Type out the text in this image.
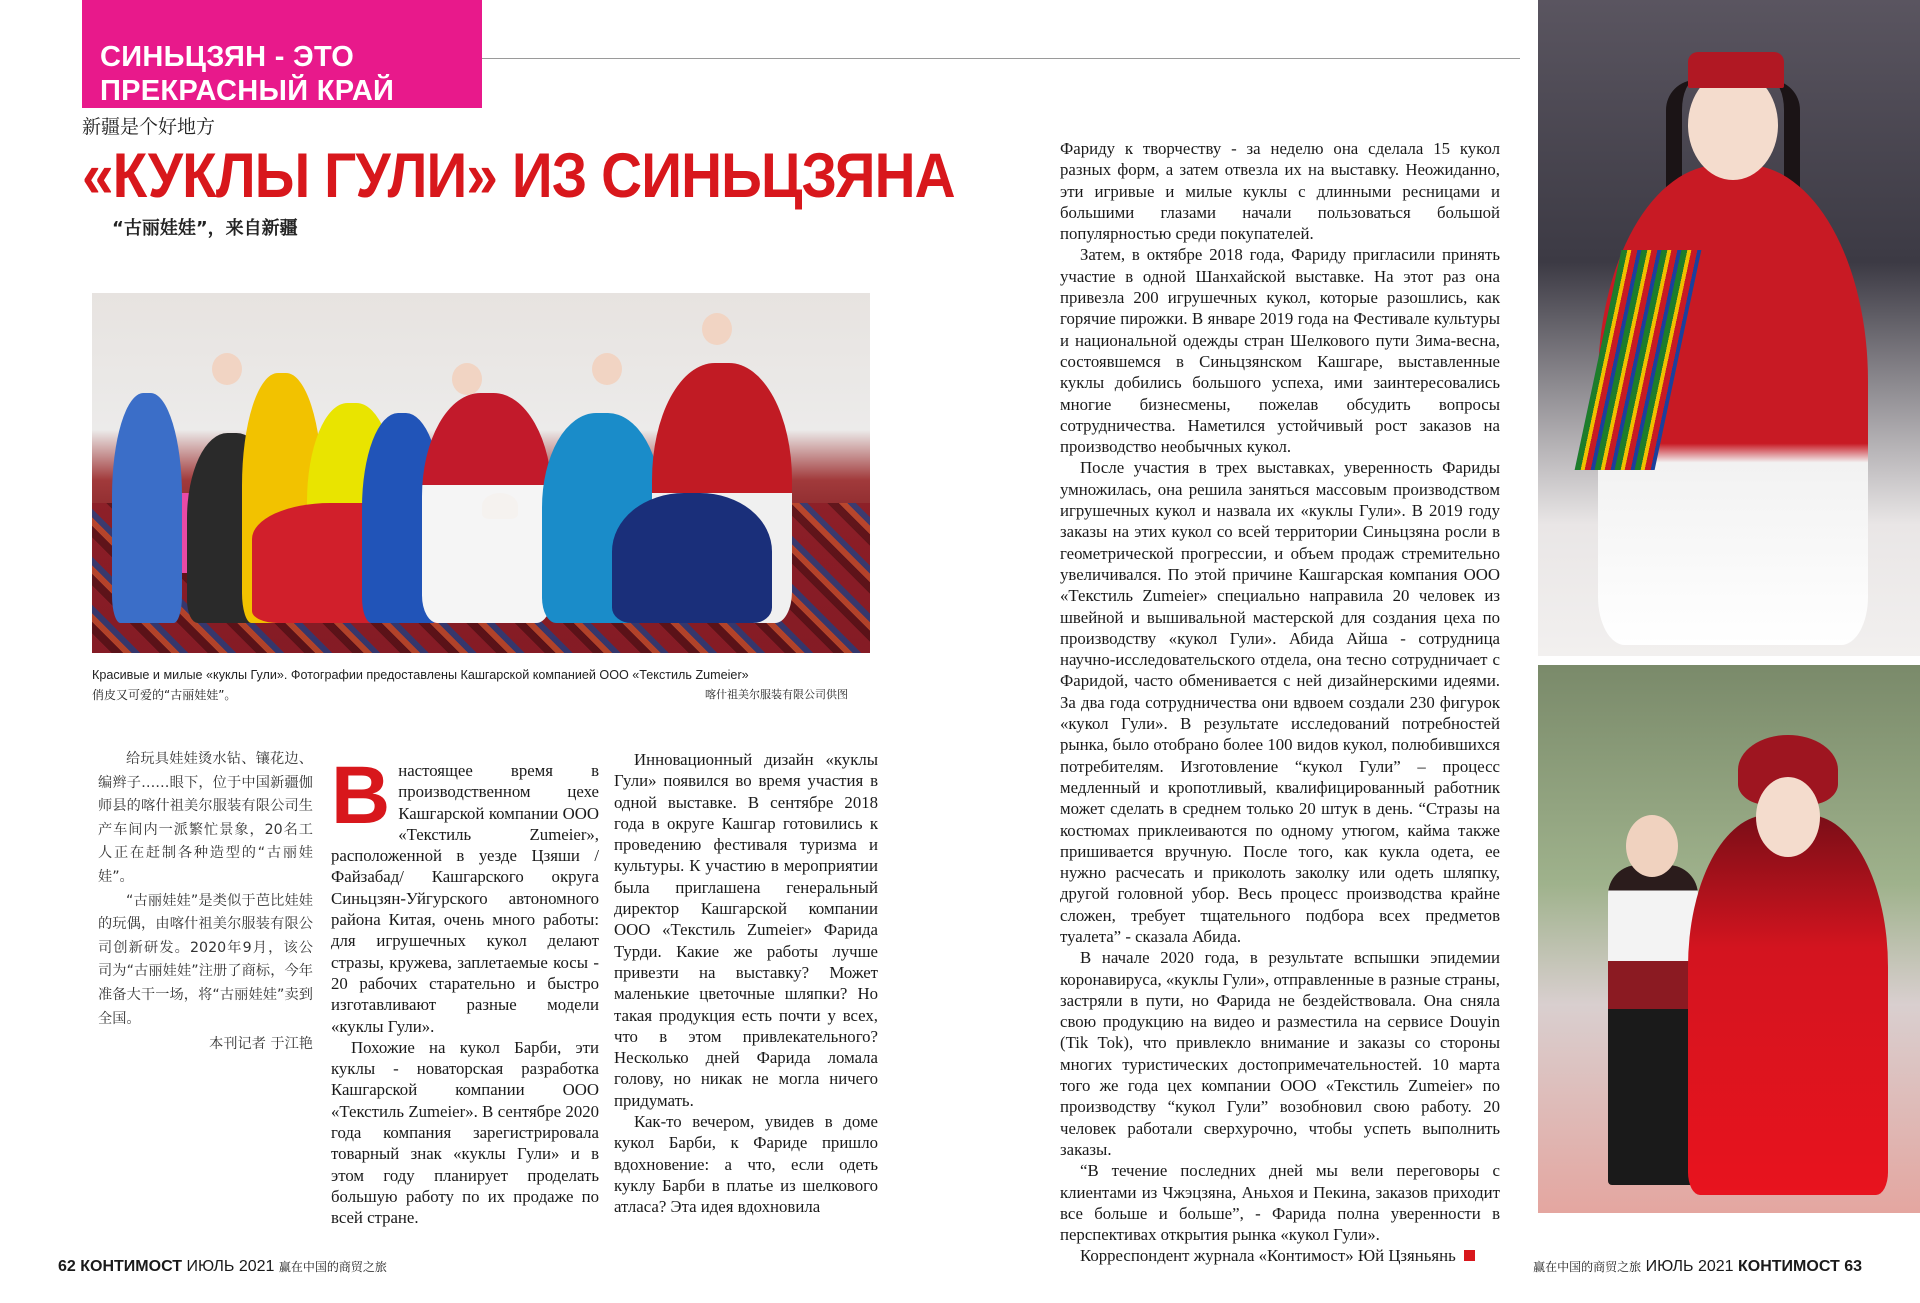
СИНЬЦЗЯН - ЭТО ПРЕКРАСНЫЙ КРАЙ
新疆是个好地方
«КУКЛЫ ГУЛИ» ИЗ СИНЬЦЗЯНА
“古丽娃娃”，来自新疆
Красивые и милые «куклы Гули». Фотографии предоставлены Кашгарской компанией ООО «Текстиль Zumeier»
俏皮又可爱的“古丽娃娃”。	喀什祖美尔服装有限公司供图

给玩具娃娃烫水钻、镶花边、编辫子……眼下，位于中国新疆伽师县的喀什祖美尔服装有限公司生产车间内一派繁忙景象，20名工人正在赶制各种造型的“古丽娃娃”。

“古丽娃娃”是类似于芭比娃娃的玩偶，由喀什祖美尔服装有限公司创新研发。2020年9月，该公司为“古丽娃娃”注册了商标，今年准备大干一场，将“古丽娃娃”卖到全国。

本刊记者 于江艳

Внастоящее время в производственном цехе Кашгарской компании ООО «Текстиль Zumeier», расположенной в уезде Цзяши /Файзабад/ Кашгарского округа Синьцзян-Уйгурского автономного района Китая, очень много работы: для игрушечных кукол делают стразы, кружева, заплетаемые косы - 20 рабочих старательно и быстро изготавливают разные модели «куклы Гули».

Похожие на кукол Барби, эти куклы - новаторская разработка Кашгарской компании ООО «Текстиль Zumeier». В сентябре 2020 года компания зарегистрировала товарный знак «куклы Гули» и в этом году планирует проделать большую работу по их продаже по всей стране.

Инновационный дизайн «куклы Гули» появился во время участия в одной выставке. В сентябре 2018 года в округе Кашгар готовились к проведению фестиваля туризма и культуры. К участию в мероприятии была приглашена генеральный директор Кашгарской компании ООО «Текстиль Zumeier» Фарида Турди. Какие же работы лучше привезти на выставку? Может маленькие цветочные шляпки? Но такая продукция есть почти у всех, что в этом привлекательного? Несколько дней Фарида ломала голову, но никак не могла ничего придумать.

Как-то вечером, увидев в доме кукол Барби, к Фариде пришло вдохновение: а что, если одеть куклу Барби в платье из шелкового атласа? Эта идея вдохновила

62 КОНТИМОСТ ИЮЛЬ 2021 赢在中国的商贸之旅

Фариду к творчеству - за неделю она сделала 15 кукол разных форм, а затем отвезла их на выставку. Неожиданно, эти игривые и милые куклы с длинными ресницами и большими глазами начали пользоваться большой популярностью среди покупателей.

Затем, в октябре 2018 года, Фариду пригласили принять участие в одной Шанхайской выставке. На этот раз она привезла 200 игрушечных кукол, которые разошлись, как горячие пирожки. В январе 2019 года на Фестивале культуры и национальной одежды стран Шелкового пути Зима-весна, состоявшемся в Синьцзянском Кашгаре, выставленные куклы добились большого успеха, ими заинтересовались многие бизнесмены, пожелав обсудить вопросы сотрудничества. Наметился устойчивый рост заказов на производство необычных кукол.

После участия в трех выставках, уверенность Фариды умножилась, она решила заняться массовым производством игрушечных кукол и назвала их «куклы Гули». В 2019 году заказы на этих кукол со всей территории Синьцзяна росли в геометрической прогрессии, и объем продаж стремительно увеличивался. По этой причине Кашгарская компания ООО «Текстиль Zumeier» специально направила 20 человек из швейной и вышивальной мастерской для создания цеха по производству «кукол Гули». Абида Айша - сотрудница научно-исследовательского отдела, она тесно сотрудничает с Фаридой, часто обменивается с ней дизайнерскими идеями. За два года сотрудничества они вдвоем создали 230 фигурок «кукол Гули». В результате исследований потребностей рынка, было отобрано более 100 видов кукол, полюбившихся потребителям. Изготовление “кукол Гули” – процесс медленный и кропотливый, квалифицированный работник может сделать в среднем только 20 штук в день. “Стразы на костюмах приклеиваются по одному утюгом, кайма также пришивается вручную. После того, как кукла одета, ее нужно расчесать и приколоть заколку или одеть шляпку, другой головной убор. Весь процесс производства крайне сложен, требует тщательного подбора всех предметов туалета” - сказала Абида.

В начале 2020 года, в результате вспышки эпидемии коронавируса, «куклы Гули», отправленные в разные страны, застряли в пути, но Фарида не бездействовала. Она сняла свою продукцию на видео и разместила на сервисе Douyin (Tik Tok), что привлекло внимание и заказы со стороны многих туристических достопримечательностей. 10 марта того же года цех компании ООО «Текстиль Zumeier» по производству “кукол Гули” возобновил свою работу. 20 человек работали сверхурочно, чтобы успеть выполнить заказы.

“В течение последних дней мы вели переговоры с клиентами из Чжэцзяна, Аньхоя и Пекина, заказов приходит все больше и больше”, - Фарида полна уверенности в перспективах открытия рынка «кукол Гули».

Корреспондент журнала «Контимост» Юй Цзяньянь

赢在中国的商贸之旅 ИЮЛЬ 2021 КОНТИМОСТ 63
